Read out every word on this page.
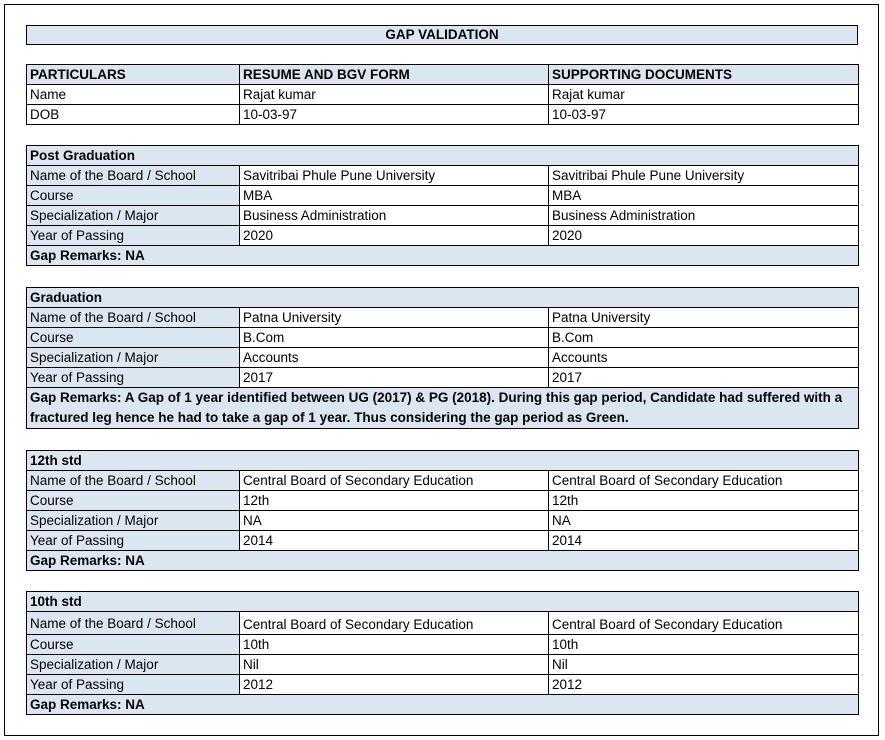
GAP VALIDATION
PARTICULARS	RESUME AND BGV FORM	SUPPORTING DOCUMENTS
Name	Rajat kumar	Rajat kumar
DOB	10-03-97	10-03-97
Post Graduation		
Name of the Board / School	Savitribai Phule Pune University	Savitribai Phule Pune University
Course	MBA	MBA
Specialization / Major	Business Administration	Business Administration
Year of Passing	2020	2020
Gap Remarks: NA		
Graduation		
Name of the Board / School	Patna University	Patna University
Course	B.Com	B.Com
Specialization / Major	Accounts	Accounts
Year of Passing	2017	2017
Gap Remarks: A Gap of 1 year identified between UG (2017) & PG (2018). During this gap period, Candidate had suffered with a fractured leg hence he had to take a gap of 1 year. Thus considering the gap period as Green.		
12th std		
Name of the Board / School	Central Board of Secondary Education	Central Board of Secondary Education
Course	12th	12th
Specialization / Major	NA	NA
Year of Passing	2014	2014
Gap Remarks: NA		
10th std		
Name of the Board / School	Central Board of Secondary Education	Central Board of Secondary Education
Course	10th	10th
Specialization / Major	Nil	Nil
Year of Passing	2012	2012
Gap Remarks: NA		
